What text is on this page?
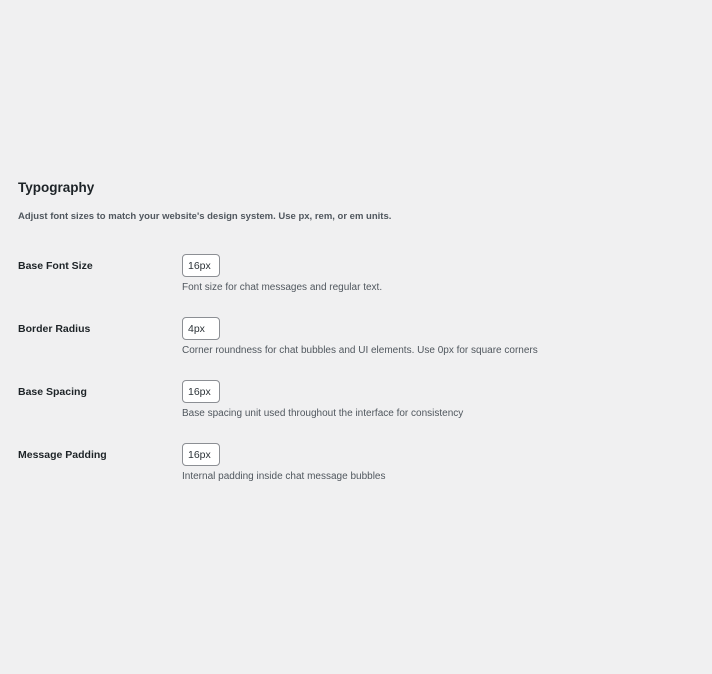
Typography

Adjust font sizes to match your website's design system. Use px, rem, or em units.

Base Font Size
16px
Font size for chat messages and regular text.
Border Radius
4px
Corner roundness for chat bubbles and UI elements. Use 0px for square corners
Base Spacing
16px
Base spacing unit used throughout the interface for consistency
Message Padding
16px
Internal padding inside chat message bubbles
